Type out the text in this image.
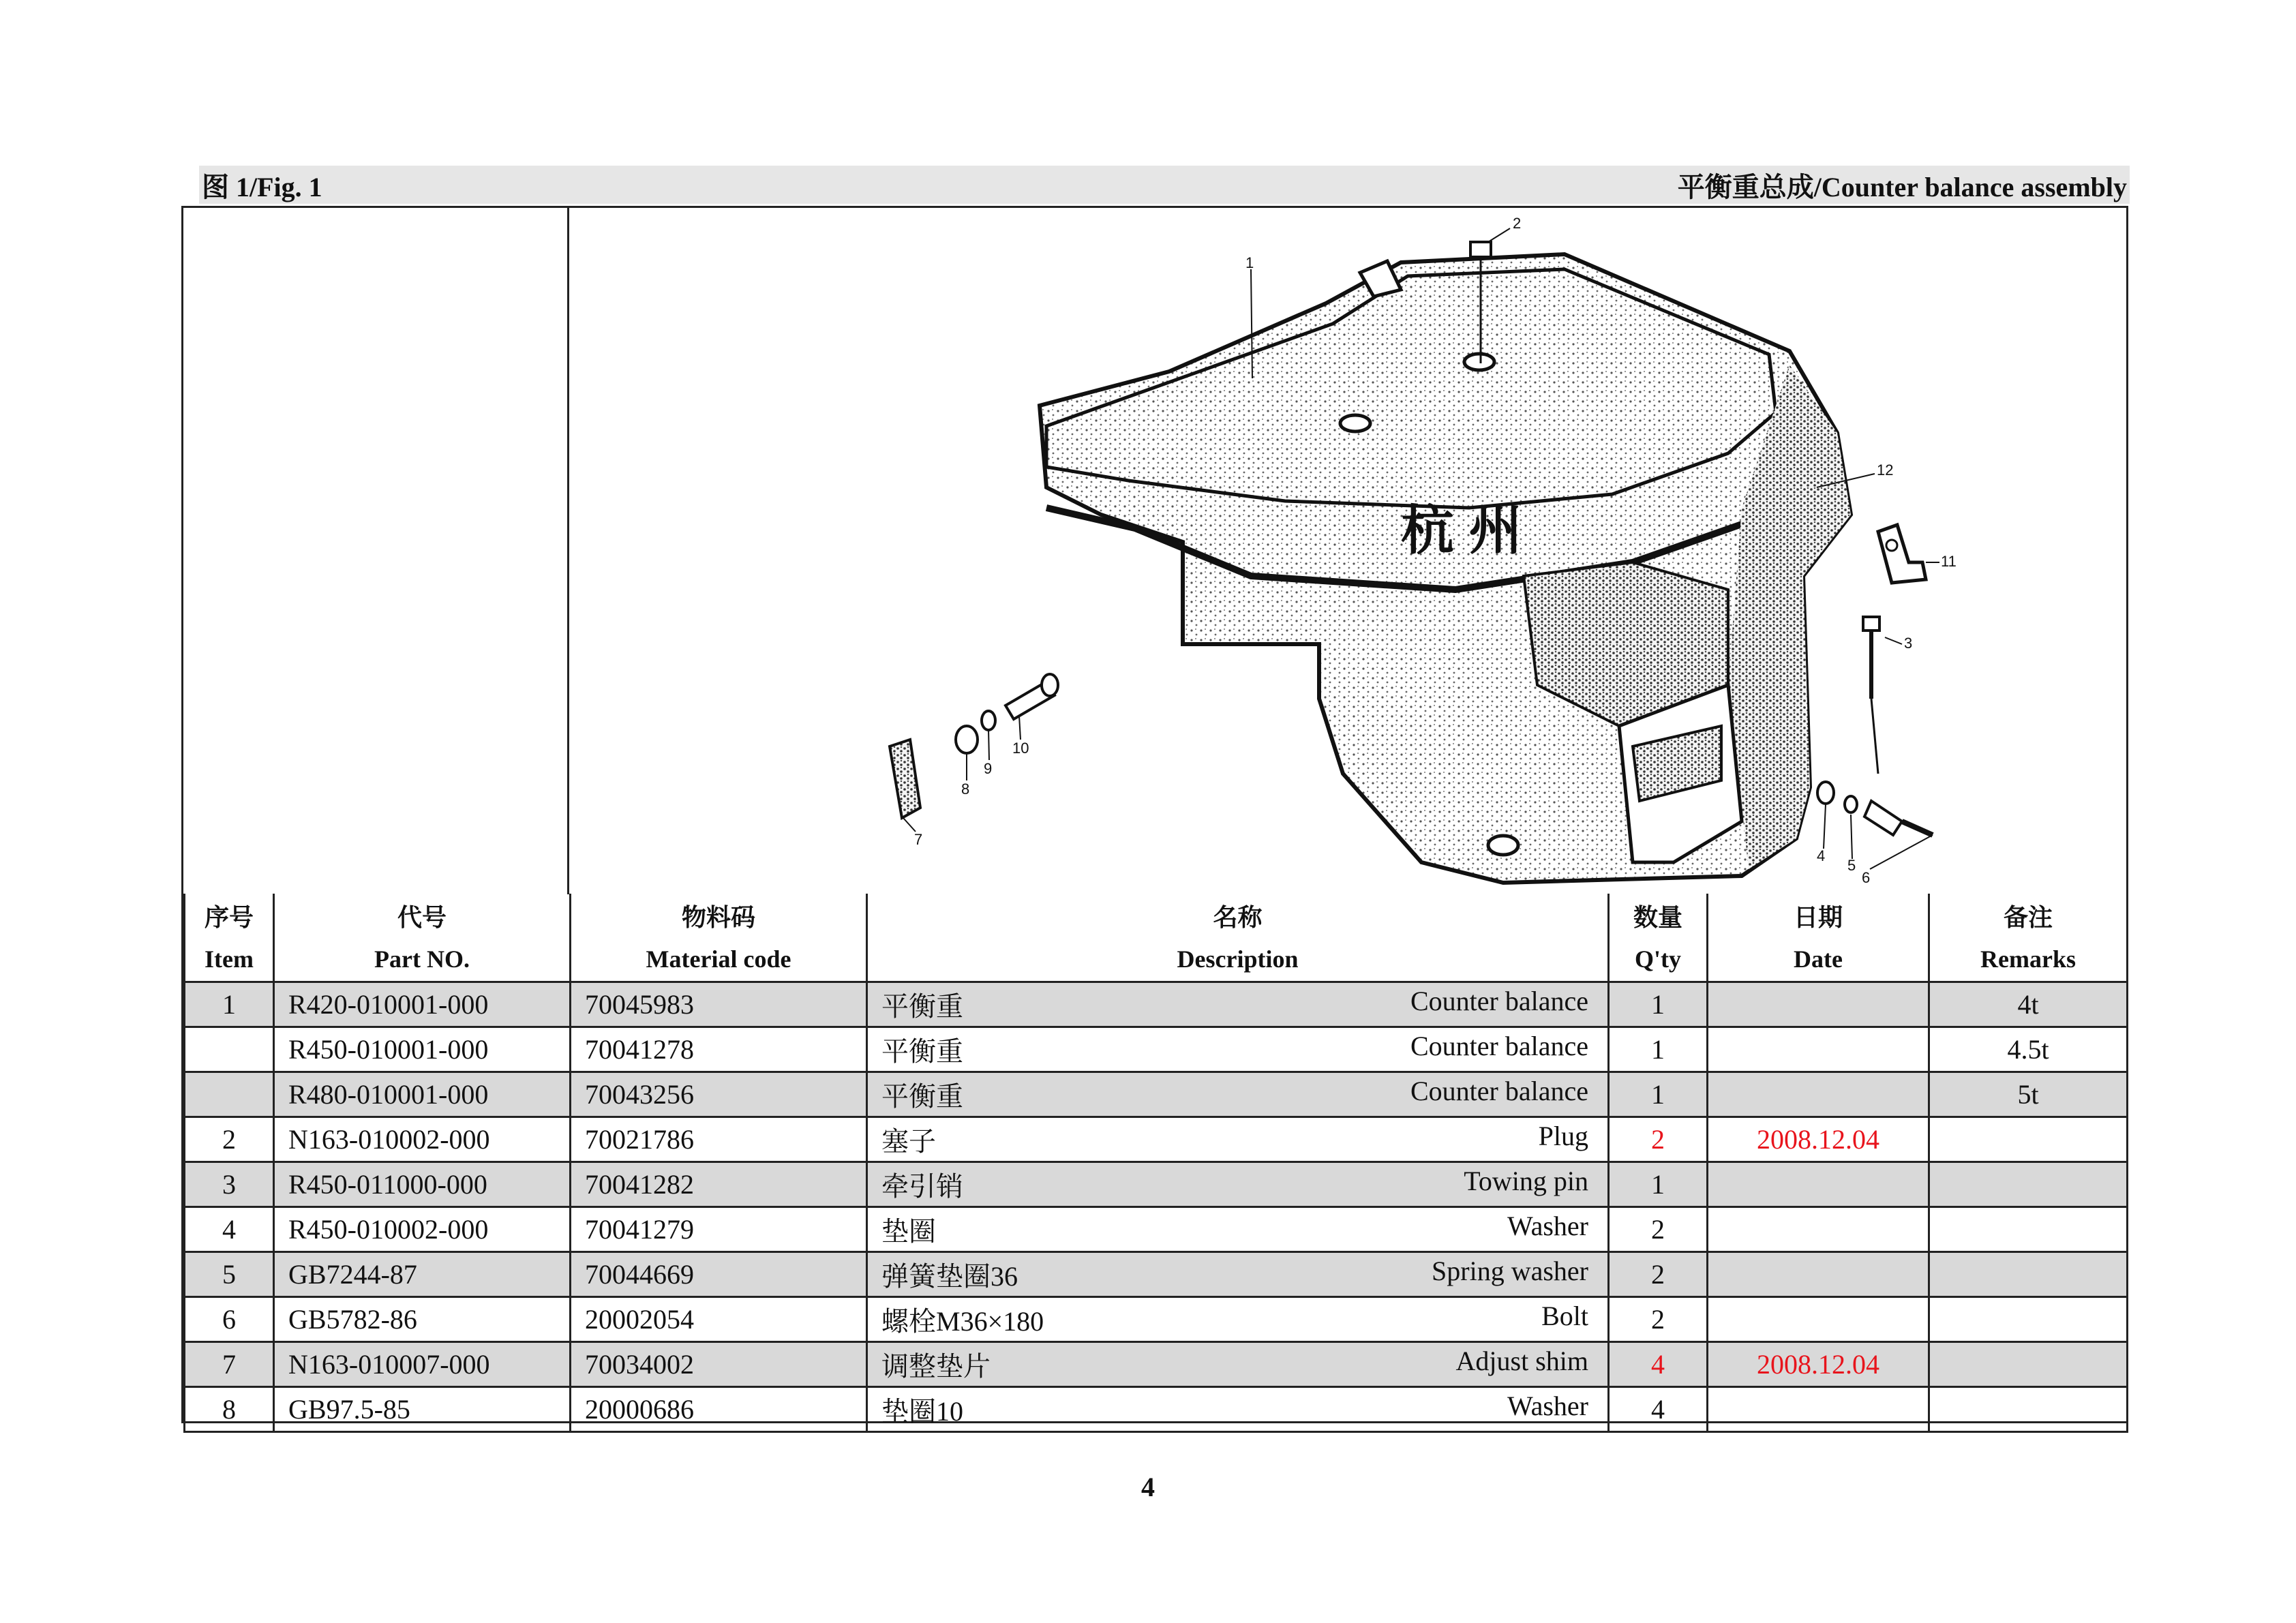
图 1/Fig. 1	平衡重总成/Counter balance assembly
杭 州
1
2
3
4
5
6
7
8
9
10
11
12
序号	代号	物料码	名称	数量	日期	备注
Item	Part NO.	Material code	Description	Q'ty	Date	Remarks
1	R420-010001-000	70045983	平衡重 Counter balance	1		4t
	R450-010001-000	70041278	平衡重 Counter balance	1		4.5t
	R480-010001-000	70043256	平衡重 Counter balance	1		5t
2	N163-010002-000	70021786	塞子 Plug	2	2008.12.04	
3	R450-011000-000	70041282	牵引销 Towing pin	1		
4	R450-010002-000	70041279	垫圈 Washer	2		
5	GB7244-87	70044669	弹簧垫圈36 Spring washer	2		
6	GB5782-86	20002054	螺栓M36×180 Bolt	2		
7	N163-010007-000	70034002	调整垫片 Adjust shim	4	2008.12.04	
8	GB97.5-85	20000686	垫圈10 Washer	4		
4
